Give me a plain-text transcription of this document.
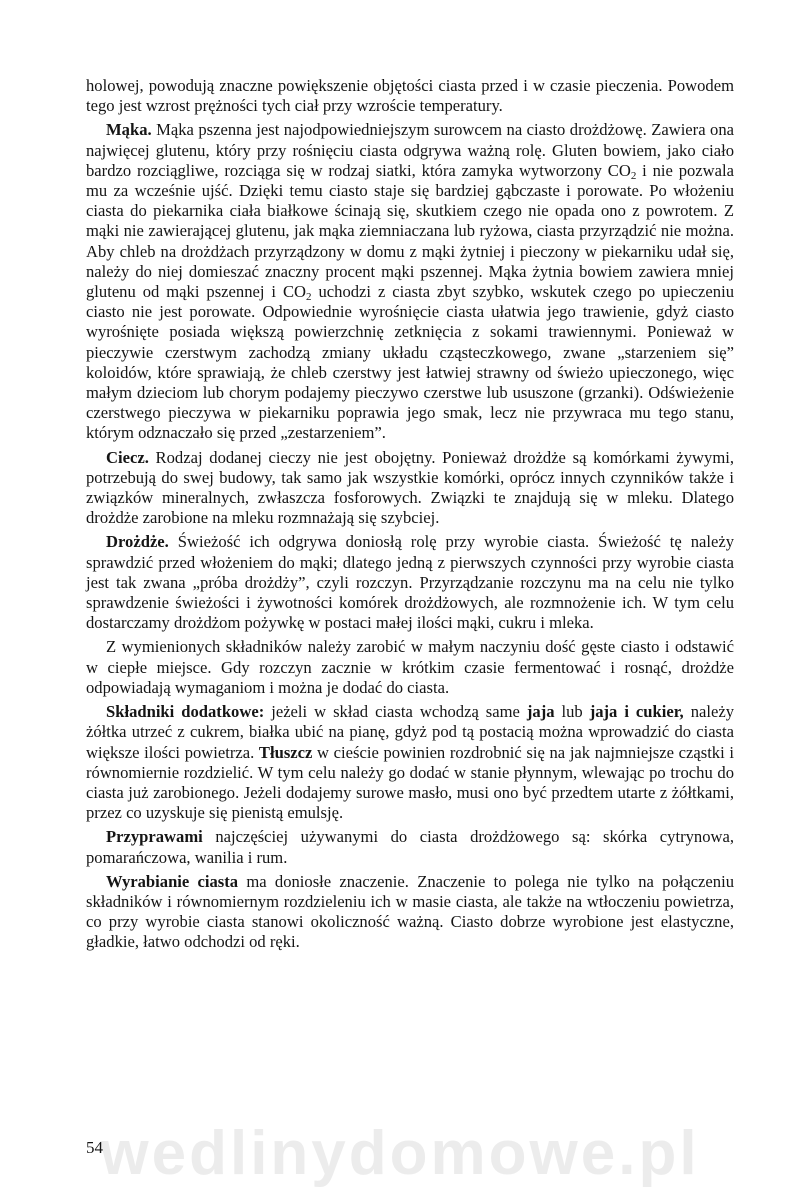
holowej, powodują znaczne powiększenie objętości ciasta przed i w czasie pieczenia. Powodem tego jest wzrost prężności tych ciał przy wzroście temperatury.

Mąka. Mąka pszenna jest najodpowiedniejszym surowcem na ciasto drożdżowę. Zawiera ona najwięcej glutenu, który przy rośnięciu ciasta odgrywa ważną rolę. Gluten bowiem, jako ciało bardzo rozciągliwe, rozciąga się w rodzaj siatki, która zamyka wytworzony $CO_2$ i nie pozwala mu za wcześnie ujść. Dzięki temu ciasto staje się bardziej gąbczaste i porowate. Po włożeniu ciasta do piekarnika ciała białkowe ścinają się, skutkiem czego nie opada ono z powrotem. Z mąki nie zawierającej glutenu, jak mąka ziemniaczana lub ryżowa, ciasta przyrządzić nie można. Aby chleb na drożdżach przyrządzony w domu z mąki żytniej i pieczony w piekarniku udał się, należy do niej domieszać znaczny procent mąki pszennej. Mąka żytnia bowiem zawiera mniej glutenu od mąki pszennej i $CO_2$ uchodzi z ciasta zbyt szybko, wskutek czego po upieczeniu ciasto nie jest porowate. Odpowiednie wyrośnięcie ciasta ułatwia jego trawienie, gdyż ciasto wyrośnięte posiada większą powierzchnię zetknięcia z sokami trawiennymi. Ponieważ w pieczywie czerstwym zachodzą zmiany układu cząsteczkowego, zwane „starzeniem się” koloidów, które sprawiają, że chleb czerstwy jest łatwiej strawny od świeżo upieczonego, więc małym dzieciom lub chorym podajemy pieczywo czerstwe lub ususzone (grzanki). Odświeżenie czerstwego pieczywa w piekarniku poprawia jego smak, lecz nie przywraca mu tego stanu, którym odznaczało się przed „zestarzeniem”.

Ciecz. Rodzaj dodanej cieczy nie jest obojętny. Ponieważ drożdże są komórkami żywymi, potrzebują do swej budowy, tak samo jak wszystkie komórki, oprócz innych czynników także i związków mineralnych, zwłaszcza fosforowych. Związki te znajdują się w mleku. Dlatego drożdże zarobione na mleku rozmnażają się szybciej.

Drożdże. Świeżość ich odgrywa doniosłą rolę przy wyrobie ciasta. Świeżość tę należy sprawdzić przed włożeniem do mąki; dlatego jedną z pierwszych czynności przy wyrobie ciasta jest tak zwana „próba drożdży”, czyli rozczyn. Przyrządzanie rozczynu ma na celu nie tylko sprawdzenie świeżości i żywotności komórek drożdżowych, ale rozmnożenie ich. W tym celu dostarczamy drożdżom pożywkę w postaci małej ilości mąki, cukru i mleka.

Z wymienionych składników należy zarobić w małym naczyniu dość gęste ciasto i odstawić w ciepłe miejsce. Gdy rozczyn zacznie w krótkim czasie fermentować i rosnąć, drożdże odpowiadają wymaganiom i można je dodać do ciasta.

Składniki dodatkowe: jeżeli w skład ciasta wchodzą same jaja lub jaja i cukier, należy żółtka utrzeć z cukrem, białka ubić na pianę, gdyż pod tą postacią można wprowadzić do ciasta większe ilości powietrza. Tłuszcz w cieście powinien rozdrobnić się na jak najmniejsze cząstki i równomiernie rozdzielić. W tym celu należy go dodać w stanie płynnym, wlewając po trochu do ciasta już zarobionego. Jeżeli dodajemy surowe masło, musi ono być przedtem utarte z żółtkami, przez co uzyskuje się pienistą emulsję.

Przyprawami najczęściej używanymi do ciasta drożdżowego są: skórka cytrynowa, pomarańczowa, wanilia i rum.

Wyrabianie ciasta ma doniosłe znaczenie. Znaczenie to polega nie tylko na połączeniu składników i równomiernym rozdzieleniu ich w masie ciasta, ale także na wtłoczeniu powietrza, co przy wyrobie ciasta stanowi okoliczność ważną. Ciasto dobrze wyrobione jest elastyczne, gładkie, łatwo odchodzi od ręki.

wedlinydomowe.pl
54
